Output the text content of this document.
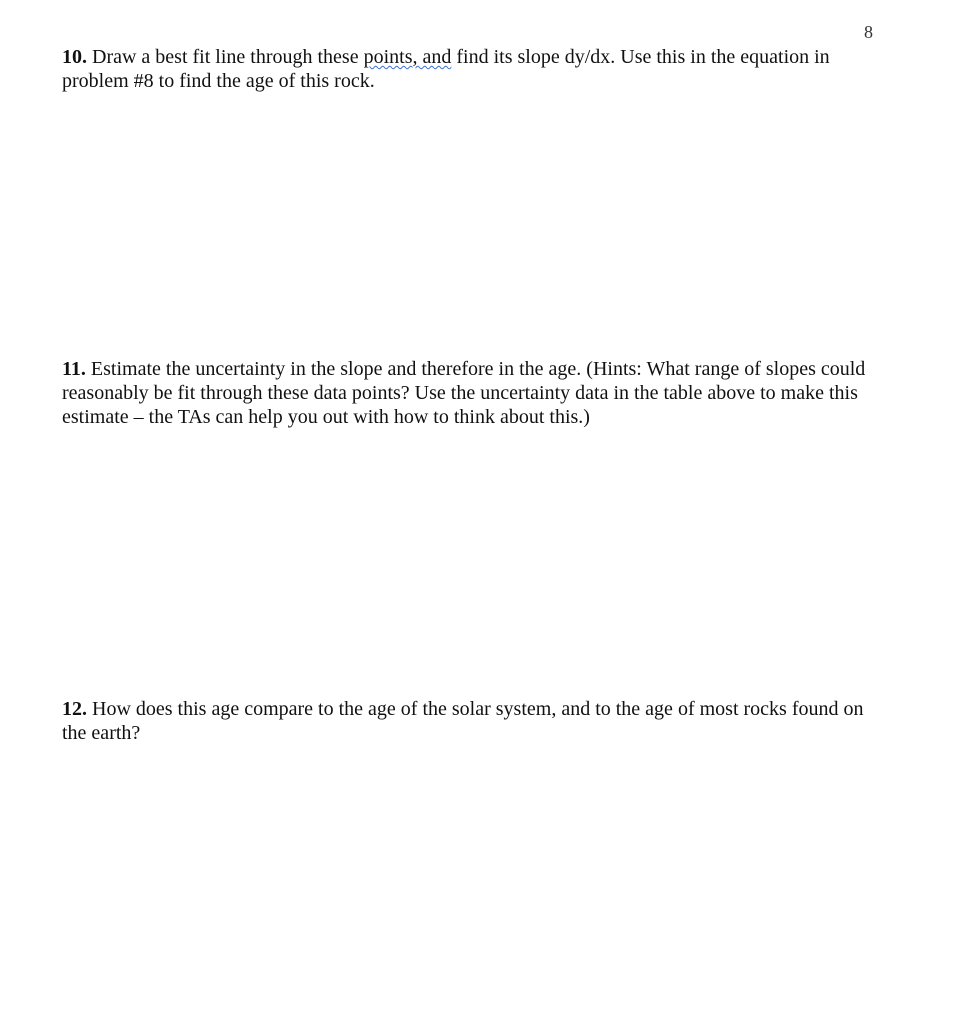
8
10. Draw a best fit line through these points, and find its slope dy/dx. Use this in the equation in problem #8 to find the age of this rock.
11. Estimate the uncertainty in the slope and therefore in the age. (Hints: What range of slopes could reasonably be fit through these data points? Use the uncertainty data in the table above to make this estimate – the TAs can help you out with how to think about this.)
12. How does this age compare to the age of the solar system, and to the age of most rocks found on the earth?
